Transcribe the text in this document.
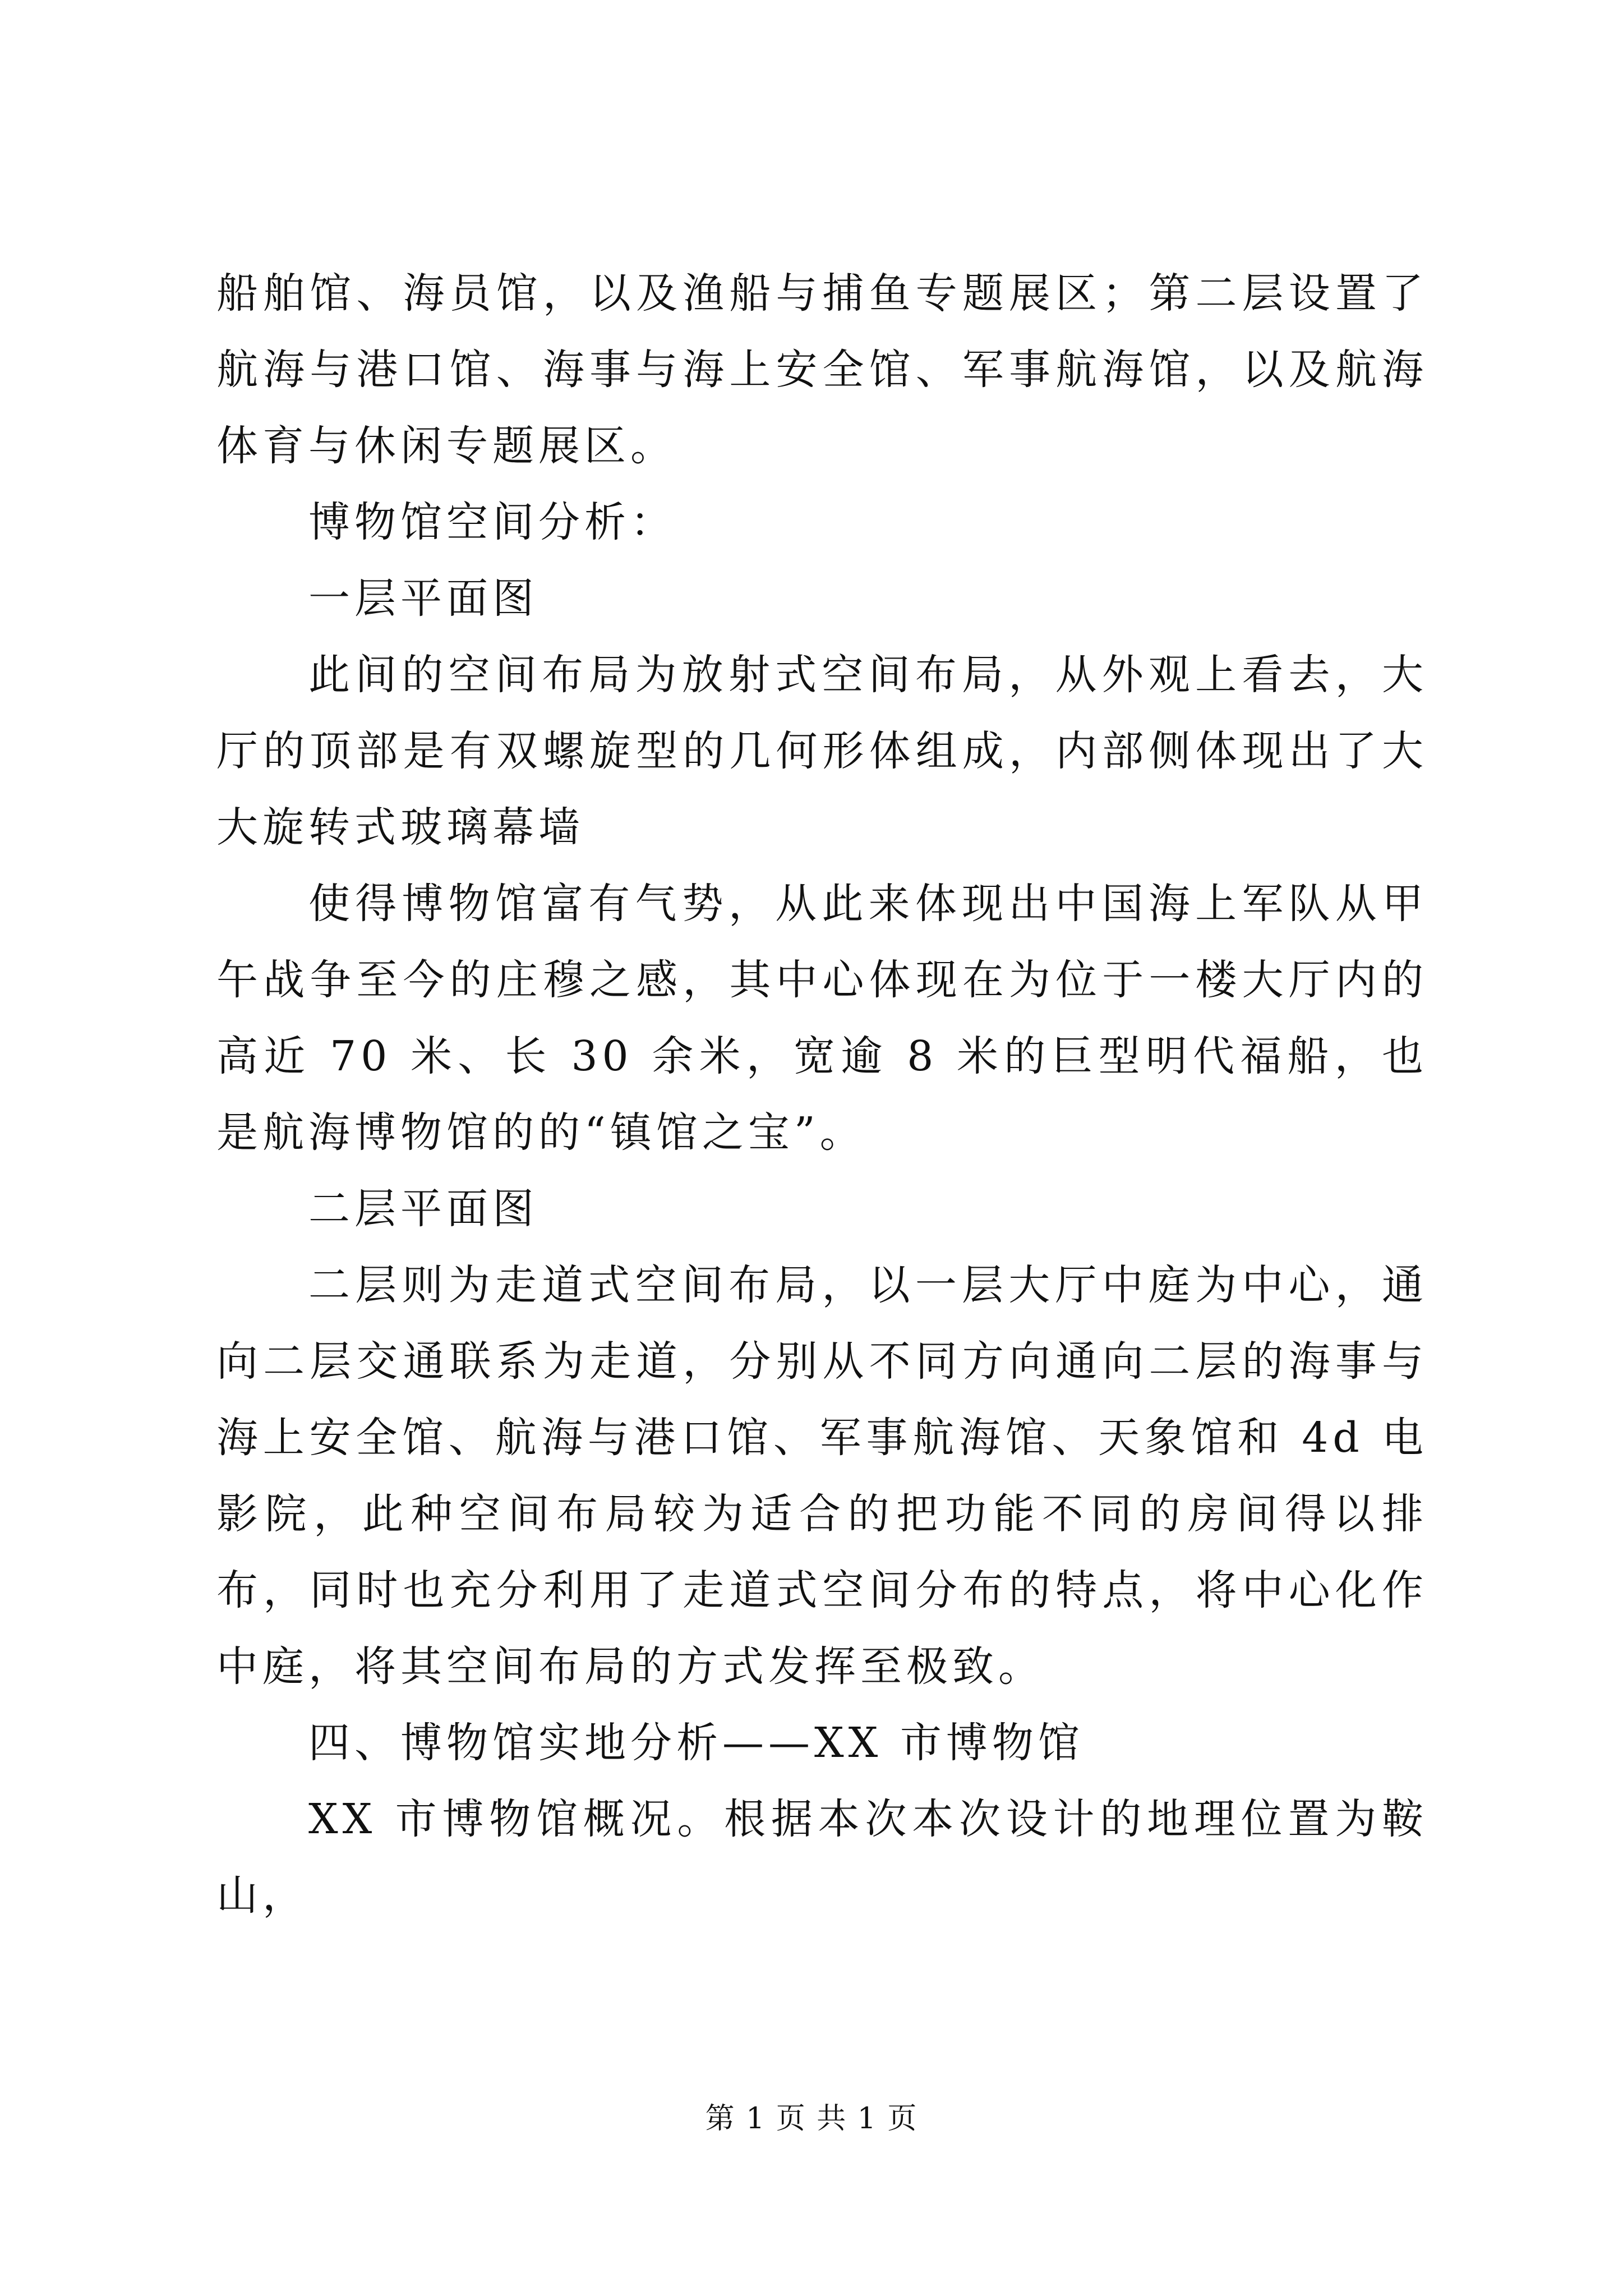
船舶馆、海员馆，以及渔船与捕鱼专题展区；第二层设置了航海与港口馆、海事与海上安全馆、军事航海馆，以及航海体育与休闲专题展区。

博物馆空间分析：

一层平面图

此间的空间布局为放射式空间布局，从外观上看去，大厅的顶部是有双螺旋型的几何形体组成，内部侧体现出了大大旋转式玻璃幕墙

使得博物馆富有气势，从此来体现出中国海上军队从甲午战争至今的庄穆之感，其中心体现在为位于一楼大厅内的高近 70 米、长 30 余米，宽逾 8 米的巨型明代福船，也是航海博物馆的的“镇馆之宝”。

二层平面图

二层则为走道式空间布局，以一层大厅中庭为中心，通向二层交通联系为走道，分别从不同方向通向二层的海事与海上安全馆、航海与港口馆、军事航海馆、天象馆和 4d 电影院，此种空间布局较为适合的把功能不同的房间得以排布，同时也充分利用了走道式空间分布的特点，将中心化作中庭，将其空间布局的方式发挥至极致。

四、博物馆实地分析——XX 市博物馆

XX 市博物馆概况。根据本次本次设计的地理位置为鞍山，

第 1 页 共 1 页
